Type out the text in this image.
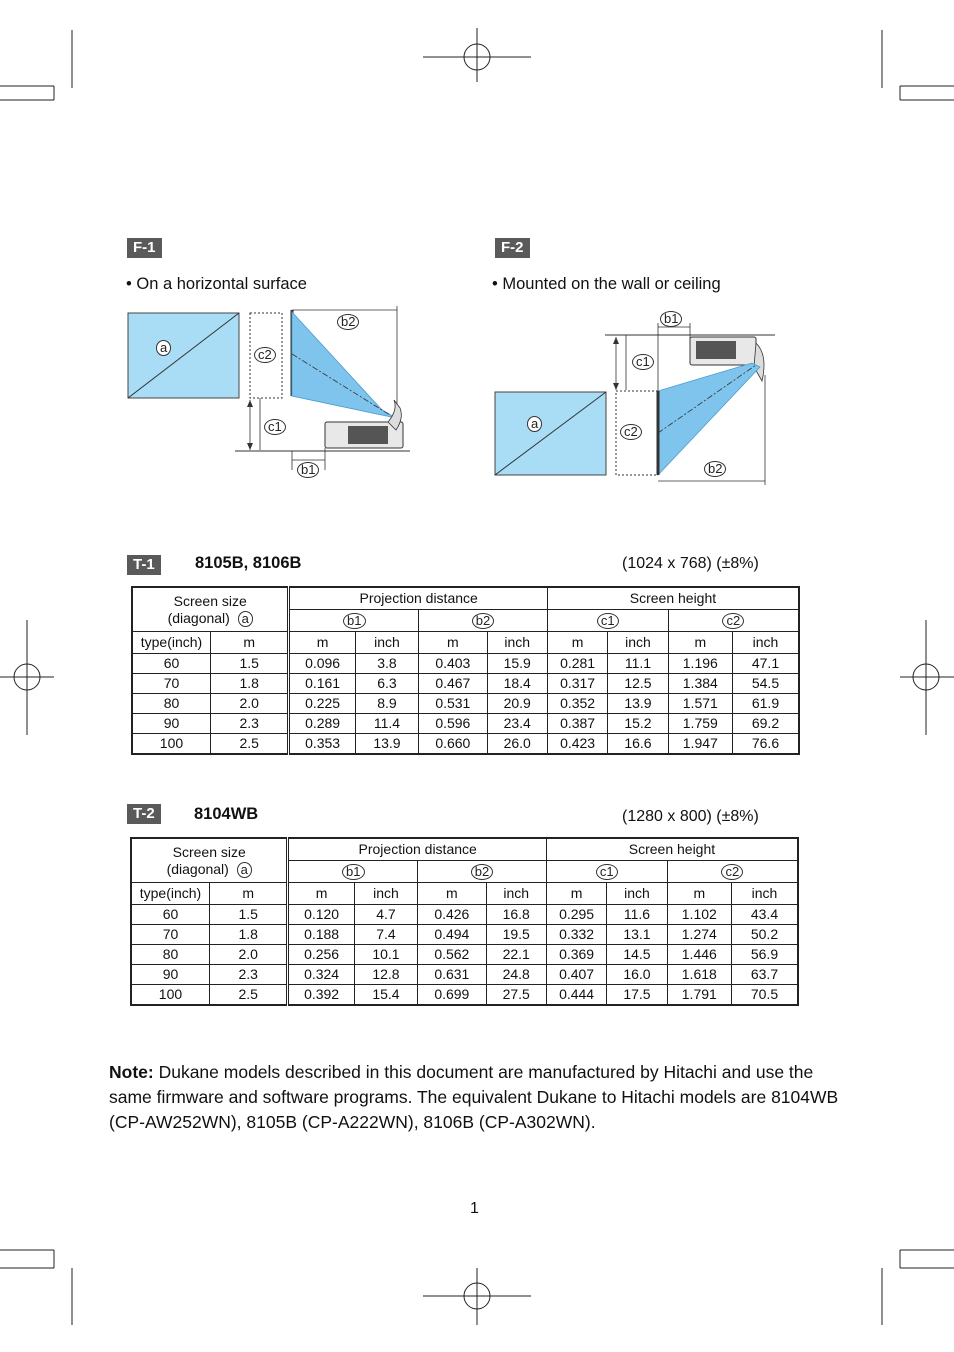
F-1
• On a horizontal surface
a	c2
c1
b2
b1
F-2
• Mounted on the wall or ceiling
b1
c1
a
c2
b2
T-1	8105B, 8106B	(1024 x 768) (±8%)
Screen size
(diagonal) a		Projection distance				Screen height			
		b1		b2		c1		c2	
type(inch)	m	m	inch	m	inch	m	inch	m	inch
60	1.5	0.096	3.8	0.403	15.9	0.281	11.1	1.196	47.1
70	1.8	0.161	6.3	0.467	18.4	0.317	12.5	1.384	54.5
80	2.0	0.225	8.9	0.531	20.9	0.352	13.9	1.571	61.9
90	2.3	0.289	11.4	0.596	23.4	0.387	15.2	1.759	69.2
100	2.5	0.353	13.9	0.660	26.0	0.423	16.6	1.947	76.6
T-2	8104WB	(1280 x 800) (±8%)
Screen size
(diagonal) a		Projection distance				Screen height			
		b1		b2		c1		c2	
type(inch)	m	m	inch	m	inch	m	inch	m	inch
60	1.5	0.120	4.7	0.426	16.8	0.295	11.6	1.102	43.4
70	1.8	0.188	7.4	0.494	19.5	0.332	13.1	1.274	50.2
80	2.0	0.256	10.1	0.562	22.1	0.369	14.5	1.446	56.9
90	2.3	0.324	12.8	0.631	24.8	0.407	16.0	1.618	63.7
100	2.5	0.392	15.4	0.699	27.5	0.444	17.5	1.791	70.5
Note: Dukane models described in this document are manufactured by Hitachi and use the same firmware and software programs. The equivalent Dukane to Hitachi models are 8104WB (CP-AW252WN), 8105B (CP-A222WN), 8106B (CP-A302WN).
1
